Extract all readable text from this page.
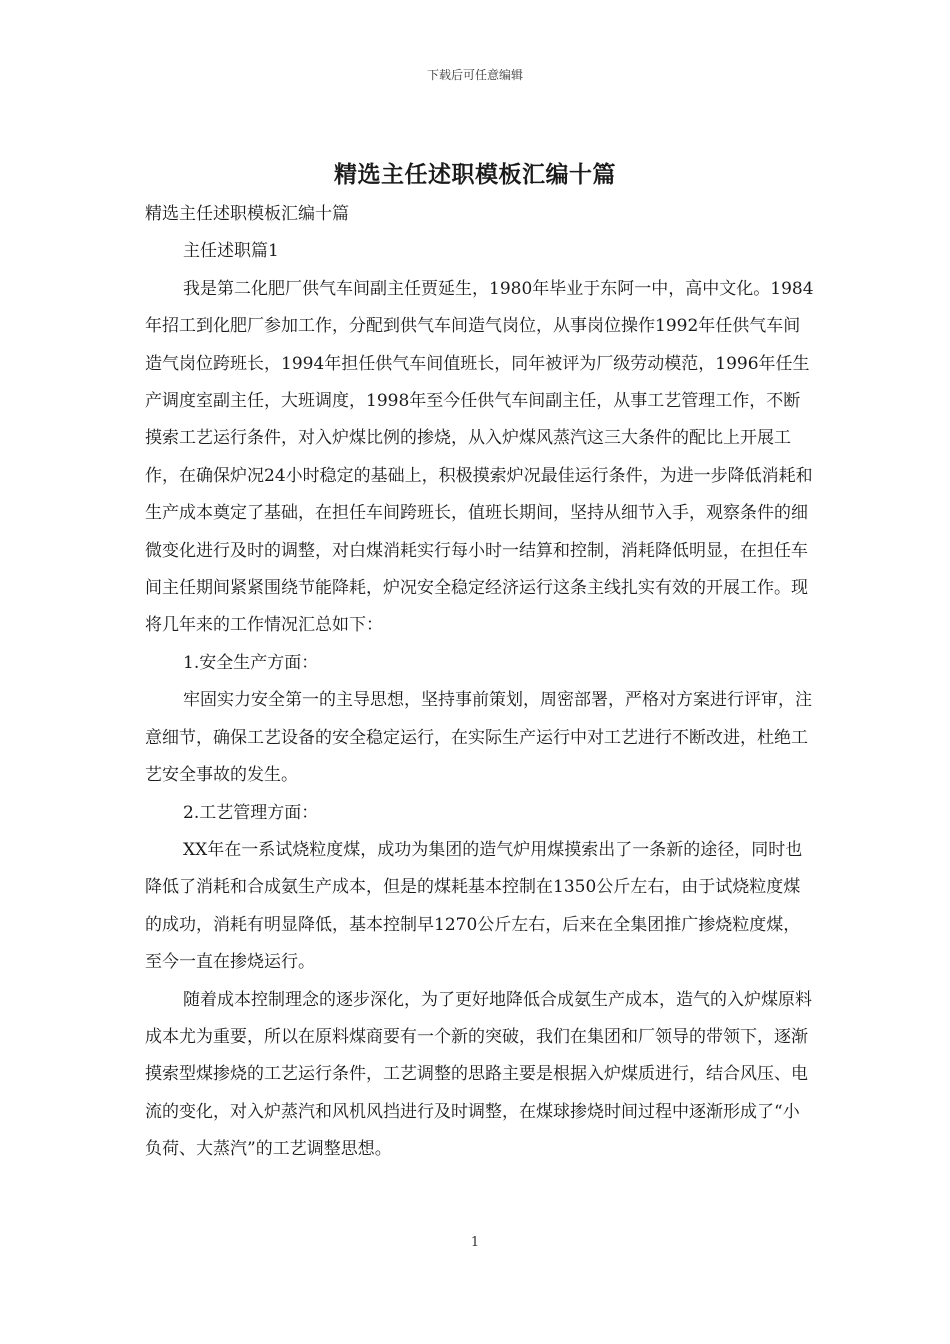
下载后可任意编辑
精选主任述职模板汇编十篇

精选主任述职模板汇编十篇

主任述职篇1

我是第二化肥厂供气车间副主任贾延生，1980年毕业于东阿一中，高中文化。1984年招工到化肥厂参加工作，分配到供气车间造气岗位，从事岗位操作1992年任供气车间造气岗位跨班长，1994年担任供气车间值班长，同年被评为厂级劳动模范，1996年任生产调度室副主任，大班调度，1998年至今任供气车间副主任，从事工艺管理工作，不断摸索工艺运行条件，对入炉煤比例的掺烧，从入炉煤风蒸汽这三大条件的配比上开展工作，在确保炉况24小时稳定的基础上，积极摸索炉况最佳运行条件，为进一步降低消耗和生产成本奠定了基础，在担任车间跨班长，值班长期间，坚持从细节入手，观察条件的细微变化进行及时的调整，对白煤消耗实行每小时一结算和控制，消耗降低明显，在担任车间主任期间紧紧围绕节能降耗，炉况安全稳定经济运行这条主线扎实有效的开展工作。现将几年来的工作情况汇总如下：

1.安全生产方面：

牢固实力安全第一的主导思想，坚持事前策划，周密部署，严格对方案进行评审，注意细节，确保工艺设备的安全稳定运行，在实际生产运行中对工艺进行不断改进，杜绝工艺安全事故的发生。

2.工艺管理方面：

XX年在一系试烧粒度煤，成功为集团的造气炉用煤摸索出了一条新的途径，同时也降低了消耗和合成氨生产成本，但是的煤耗基本控制在1350公斤左右，由于试烧粒度煤的成功，消耗有明显降低，基本控制早1270公斤左右，后来在全集团推广掺烧粒度煤，至今一直在掺烧运行。

随着成本控制理念的逐步深化，为了更好地降低合成氨生产成本，造气的入炉煤原料成本尤为重要，所以在原料煤商要有一个新的突破，我们在集团和厂领导的带领下，逐渐摸索型煤掺烧的工艺运行条件，工艺调整的思路主要是根据入炉煤质进行，结合风压、电流的变化，对入炉蒸汽和风机风挡进行及时调整，在煤球掺烧时间过程中逐渐形成了“小负荷、大蒸汽”的工艺调整思想。

1
